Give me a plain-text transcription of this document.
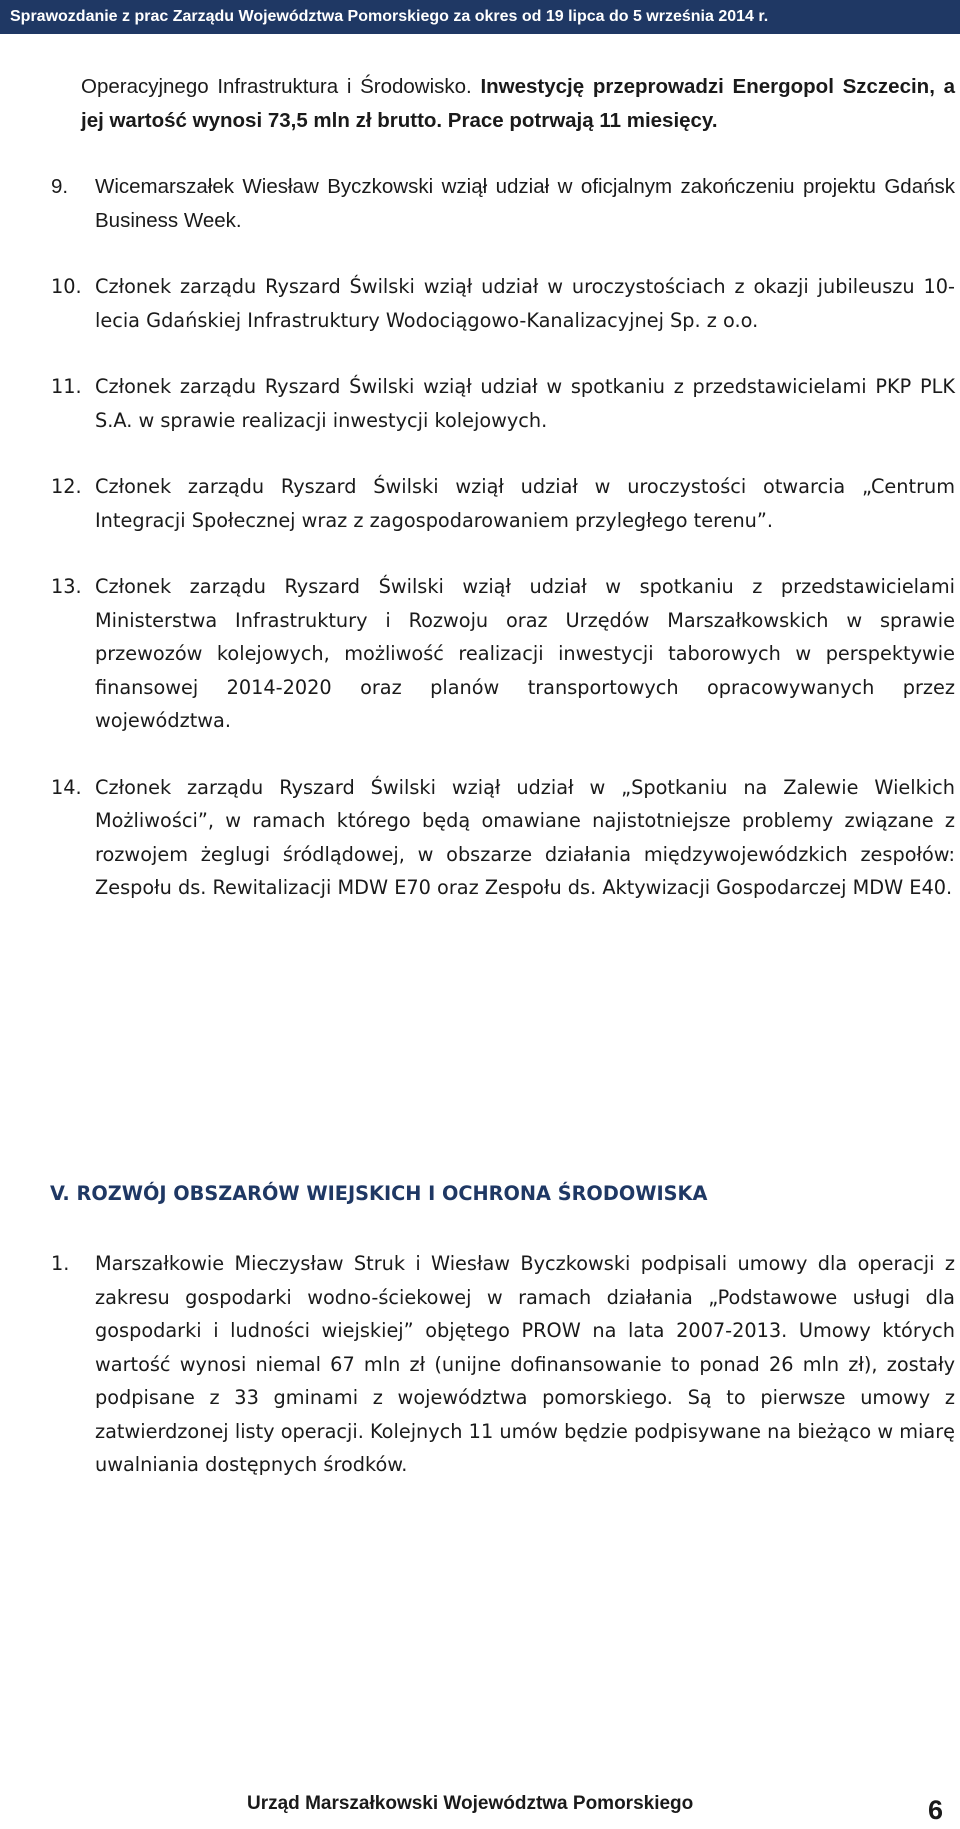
Sprawozdanie z prac Zarządu Województwa Pomorskiego za okres od 19 lipca do 5 września 2014 r.

Operacyjnego Infrastruktura i Środowisko. Inwestycję przeprowadzi Energopol Szczecin, a jej wartość wynosi 73,5 mln zł brutto. Prace potrwają 11 miesięcy.

9. Wicemarszałek Wiesław Byczkowski wziął udział w oficjalnym zakończeniu projektu Gdańsk Business Week.

10. Członek zarządu Ryszard Świlski wziął udział w uroczystościach z okazji jubileuszu 10-lecia Gdańskiej Infrastruktury Wodociągowo-Kanalizacyjnej Sp. z o.o.

11. Członek zarządu Ryszard Świlski wziął udział w spotkaniu z przedstawicielami PKP PLK S.A. w sprawie realizacji inwestycji kolejowych.

12. Członek zarządu Ryszard Świlski wziął udział w uroczystości otwarcia „Centrum Integracji Społecznej wraz z zagospodarowaniem przyległego terenu”.

13. Członek zarządu Ryszard Świlski wziął udział w spotkaniu z przedstawicielami Ministerstwa Infrastruktury i Rozwoju oraz Urzędów Marszałkowskich w sprawie przewozów kolejowych, możliwość realizacji inwestycji taborowych w perspektywie finansowej 2014-2020 oraz planów transportowych opracowywanych przez województwa.

14. Członek zarządu Ryszard Świlski wziął udział w „Spotkaniu na Zalewie Wielkich Możliwości”, w ramach którego będą omawiane najistotniejsze problemy związane z rozwojem żeglugi śródlądowej, w obszarze działania międzywojewódzkich zespołów: Zespołu ds. Rewitalizacji MDW E70 oraz Zespołu ds. Aktywizacji Gospodarczej MDW E40.

V. ROZWÓJ OBSZARÓW WIEJSKICH I OCHRONA ŚRODOWISKA

1. Marszałkowie Mieczysław Struk i Wiesław Byczkowski podpisali umowy dla operacji z zakresu gospodarki wodno-ściekowej w ramach działania „Podstawowe usługi dla gospodarki i ludności wiejskiej” objętego PROW na lata 2007-2013. Umowy których wartość wynosi niemal 67 mln zł (unijne dofinansowanie to ponad 26 mln zł), zostały podpisane z 33 gminami z województwa pomorskiego. Są to pierwsze umowy z zatwierdzonej listy operacji. Kolejnych 11 umów będzie podpisywane na bieżąco w miarę uwalniania dostępnych środków.

Urząd Marszałkowski Województwa Pomorskiego	6
